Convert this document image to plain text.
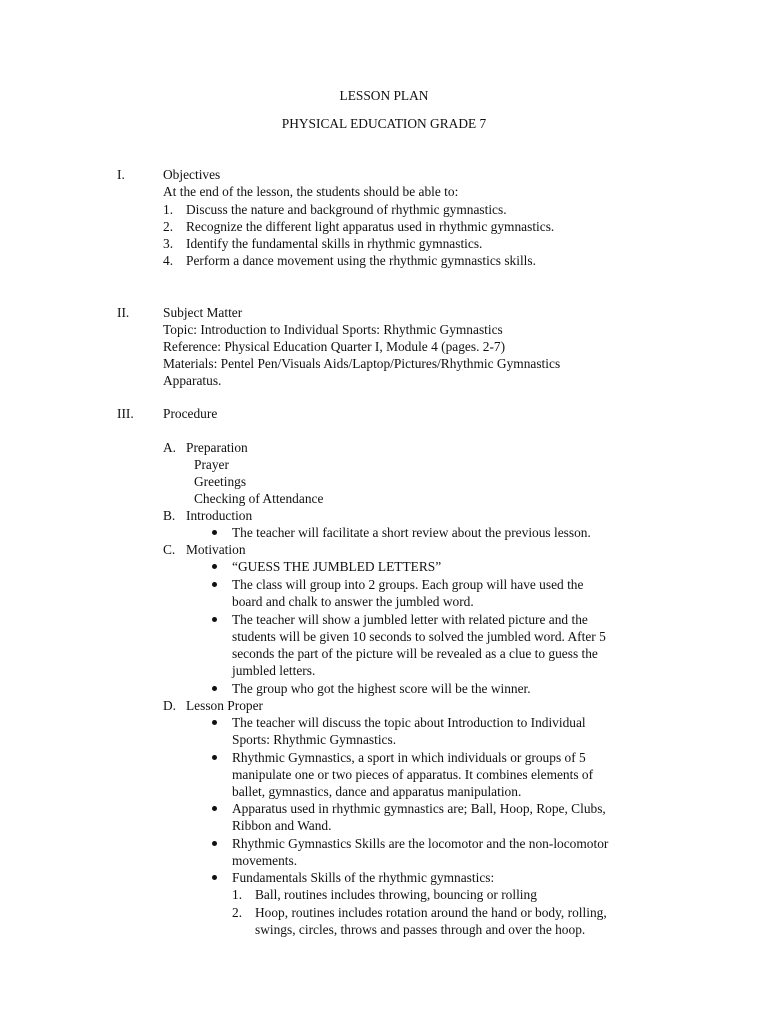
LESSON PLAN
PHYSICAL EDUCATION GRADE 7
I.	Objectives
At the end of the lesson, the students should be able to:
1. Discuss the nature and background of rhythmic gymnastics.
2. Recognize the different light apparatus used in rhythmic gymnastics.
3. Identify the fundamental skills in rhythmic gymnastics.
4. Perform a dance movement using the rhythmic gymnastics skills.
II.	Subject Matter
Topic: Introduction to Individual Sports: Rhythmic Gymnastics
Reference: Physical Education Quarter I, Module 4 (pages. 2-7)
Materials: Pentel Pen/Visuals Aids/Laptop/Pictures/Rhythmic Gymnastics
Apparatus.
III. Procedure
A. Preparation
Prayer
Greetings
Checking of Attendance
B. Introduction
The teacher will facilitate a short review about the previous lesson.
C. Motivation
“GUESS THE JUMBLED LETTERS”
The class will group into 2 groups. Each group will have used the
board and chalk to answer the jumbled word.
The teacher will show a jumbled letter with related picture and the
students will be given 10 seconds to solved the jumbled word. After 5
seconds the part of the picture will be revealed as a clue to guess the
jumbled letters.
The group who got the highest score will be the winner.
D. Lesson Proper
The teacher will discuss the topic about Introduction to Individual
Sports: Rhythmic Gymnastics.
Rhythmic Gymnastics, a sport in which individuals or groups of 5
manipulate one or two pieces of apparatus. It combines elements of
ballet, gymnastics, dance and apparatus manipulation.
Apparatus used in rhythmic gymnastics are; Ball, Hoop, Rope, Clubs,
Ribbon and Wand.
Rhythmic Gymnastics Skills are the locomotor and the non-locomotor
movements.
Fundamentals Skills of the rhythmic gymnastics:
1. Ball, routines includes throwing, bouncing or rolling
2. Hoop, routines includes rotation around the hand or body, rolling,
swings, circles, throws and passes through and over the hoop.
